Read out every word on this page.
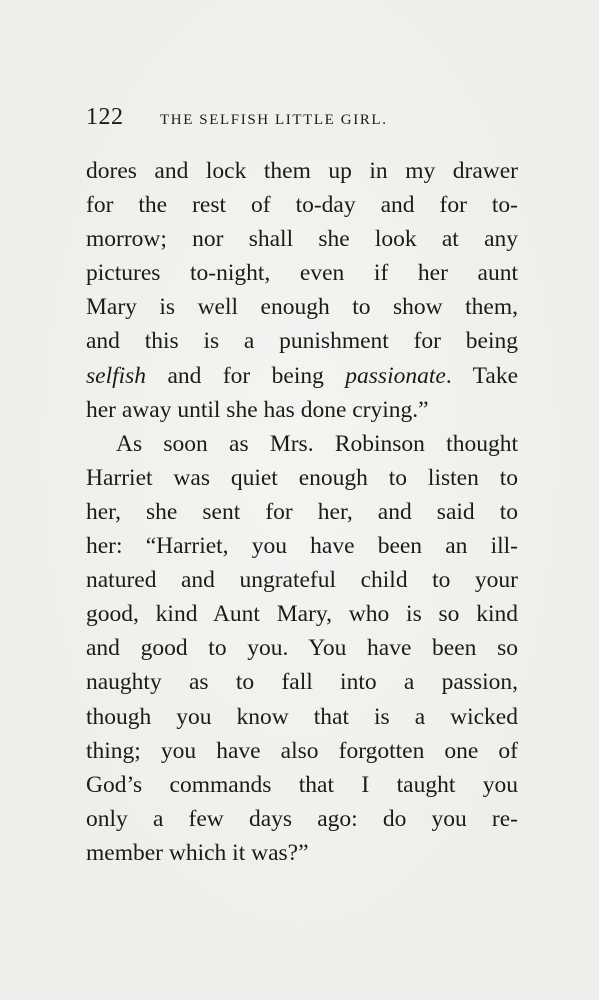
122 THE SELFISH LITTLE GIRL.
dores and lock them up in my drawer
for the rest of to-day and for to-
morrow; nor shall she look at any
pictures to-night, even if her aunt
Mary is well enough to show them,
and this is a punishment for being
selfish and for being passionate. Take
her away until she has done crying.”
As soon as Mrs. Robinson thought
Harriet was quiet enough to listen to
her, she sent for her, and said to
her: “Harriet, you have been an ill-
natured and ungrateful child to your
good, kind Aunt Mary, who is so kind
and good to you. You have been so
naughty as to fall into a passion,
though you know that is a wicked
thing; you have also forgotten one of
God’s commands that I taught you
only a few days ago: do you re-
member which it was?”
